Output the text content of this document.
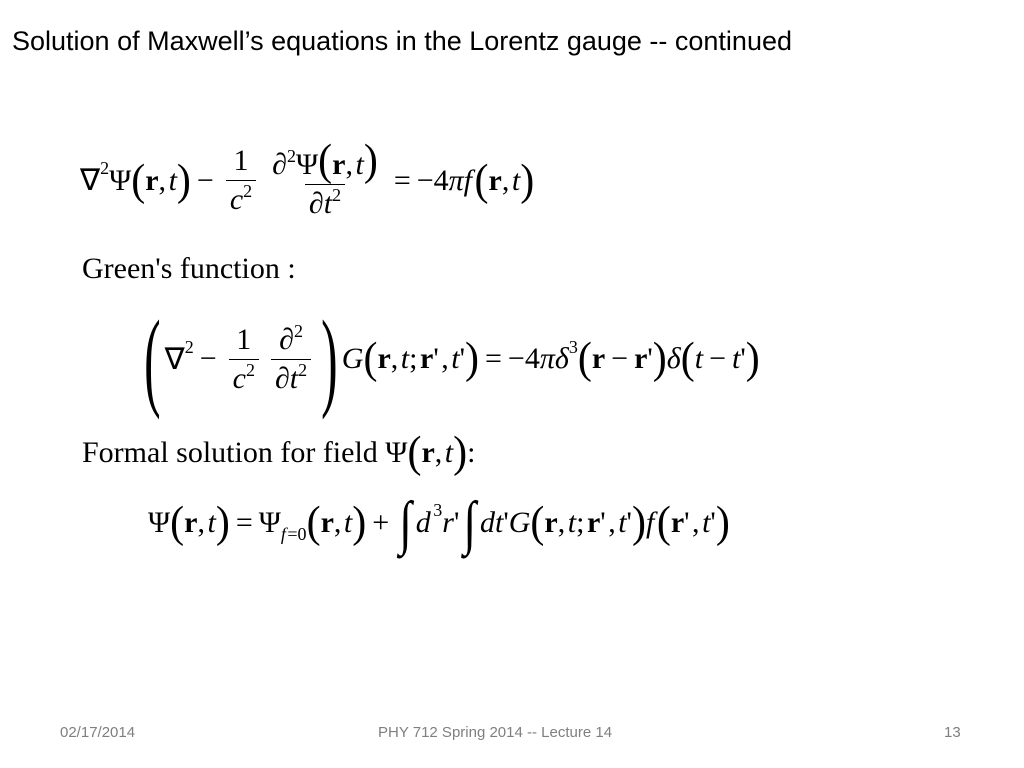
Solution of Maxwell’s equations in the Lorentz gauge -- continued
∇ 2 Ψ ( r ,  t ) − $\frac{1}{c^2} \frac{\partial^2\Psi(r, t)}{\partial t^2} = -4$ πf
  ( r ,  t )
Green's function :
( ∇ $2 - \frac{1}{c^2} \frac{\partial^2}{\partial t^2}$ ) G ( r ,  t ;  r ' ,  t ' ) = −4 πδ 3 ( r − r ' ) δ ( t − t ' )
Formal solution for field Ψ ( r ,  t ) :
Ψ ( r ,  t ) = Ψ f  =0 ( r ,  t ) + ∫ d
  3 r ' ∫ dt ' G ( r ,  t ;  r ' ,  t ' ) f
  ( r ' ,  t ' )
02/17/2014	PHY 712 Spring 2014 -- Lecture 14	13
